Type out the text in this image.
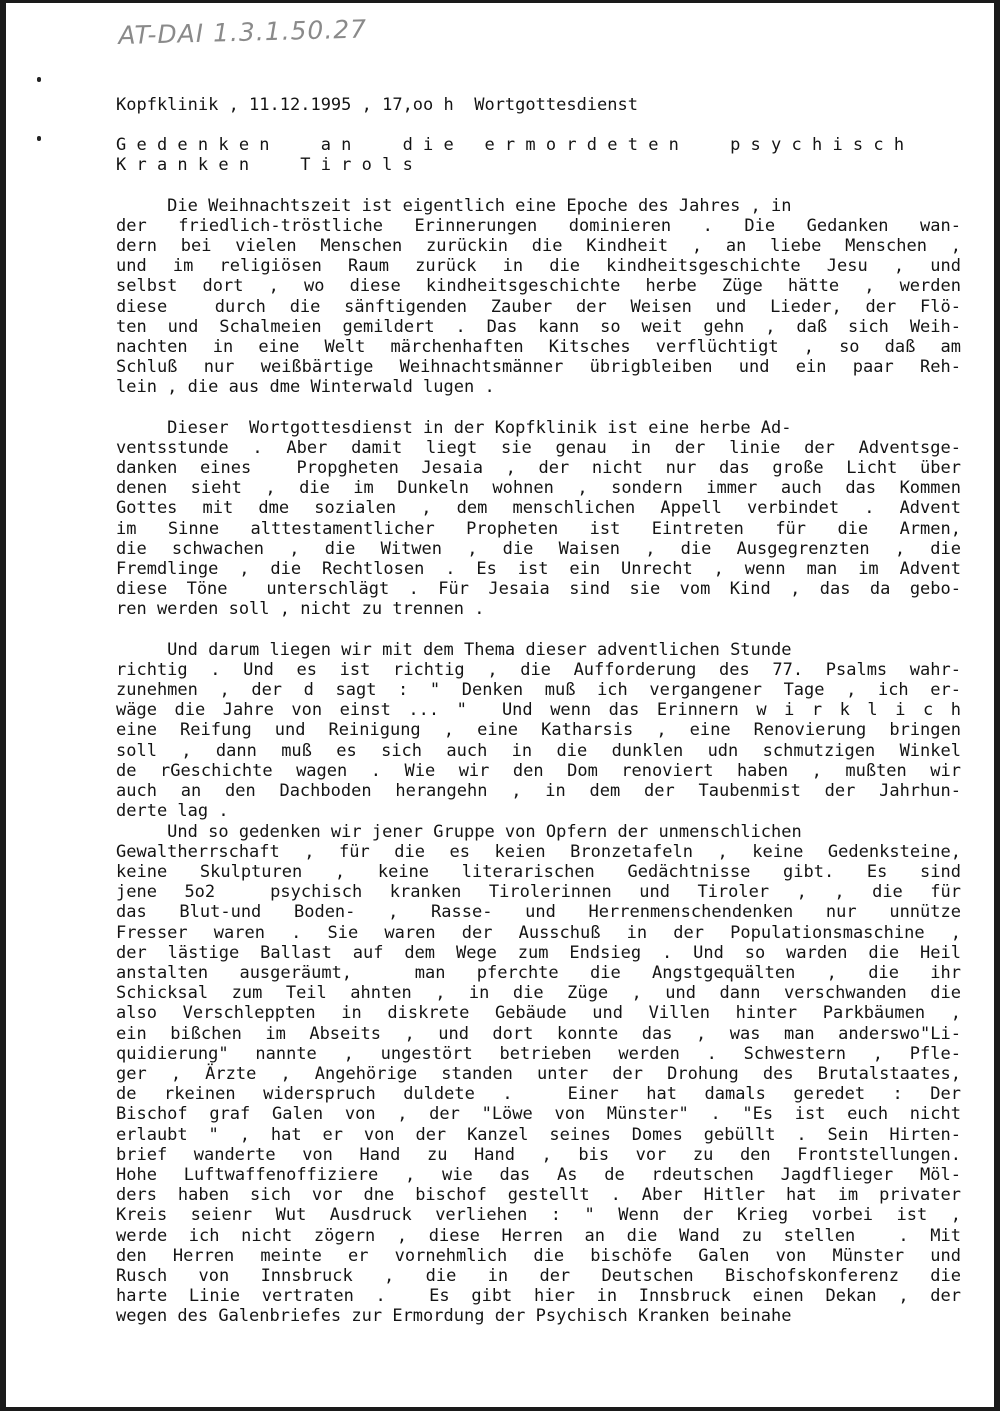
AT-DAI 1.3.1.50.27

Kopfklinik , 11.12.1995 , 17,oo h  Wortgottesdienst

G e d e n k e n     a n     d i e   e r m o r d e t e n     p s y c h i s c h

K r a n k e n     T i r o l s

Die Weihnachtszeit ist eigentlich eine Epoche des Jahres , in
der friedlich-tröstliche Erinnerungen dominieren . Die Gedanken wan-
dern bei vielen Menschen zurückin die Kindheit , an liebe Menschen ,
und im religiösen Raum zurück in die kindheitsgeschichte Jesu , und
selbst dort , wo diese kindheitsgeschichte herbe Züge hätte , werden
diese  durch die sänftigenden Zauber der Weisen und Lieder, der Flö-
ten und Schalmeien gemildert . Das kann so weit gehn , daß sich Weih-
nachten in eine Welt märchenhaften Kitsches verflüchtigt , so daß am
Schluß nur weißbärtige Weihnachtsmänner übrigbleiben und ein paar Reh-
lein , die aus dme Winterwald lugen .
Dieser  Wortgottesdienst in der Kopfklinik ist eine herbe Ad-
ventsstunde . Aber damit liegt sie genau in der linie der Adventsge-
danken eines  Propgheten Jesaia , der nicht nur das große Licht über
denen sieht , die im Dunkeln wohnen , sondern immer auch das Kommen
Gottes mit dme sozialen , dem menschlichen Appell verbindet . Advent
im Sinne alttestamentlicher Propheten ist Eintreten für die Armen,
die schwachen , die Witwen , die Waisen , die Ausgegrenzten , die
Fremdlinge , die Rechtlosen . Es ist ein Unrecht , wenn man im Advent
diese Töne  unterschlägt . Für Jesaia sind sie vom Kind , das da gebo-
ren werden soll , nicht zu trennen .
Und darum liegen wir mit dem Thema dieser adventlichen Stunde
richtig . Und es ist richtig , die Aufforderung des 77. Psalms wahr-
zunehmen , der d sagt : " Denken muß ich vergangener Tage , ich er-
wäge die Jahre von einst ... "  Und wenn das Erinnern w i r k l i c h
eine Reifung und Reinigung , eine Katharsis , eine Renovierung bringen
soll , dann muß es sich auch in die dunklen udn schmutzigen Winkel
de rGeschichte wagen . Wie wir den Dom renoviert haben , mußten wir
auch an den Dachboden herangehn , in dem der Taubenmist der Jahrhun-
derte lag .
Und so gedenken wir jener Gruppe von Opfern der unmenschlichen
Gewaltherrschaft , für die es keien Bronzetafeln , keine Gedenksteine,
keine Skulpturen , keine literarischen Gedächtnisse gibt. Es sind
jene 5o2  psychisch kranken Tirolerinnen und Tiroler , , die für
das Blut-und Boden- , Rasse- und Herrenmenschendenken nur unnütze
Fresser waren . Sie waren der Ausschuß in der Populationsmaschine ,
der lästige Ballast auf dem Wege zum Endsieg . Und so warden die Heil
anstalten ausgeräumt,  man pferchte die Angstgequälten , die ihr
Schicksal zum Teil ahnten , in die Züge , und dann verschwanden die
also Verschleppten in diskrete Gebäude und Villen hinter Parkbäumen ,
ein bißchen im Abseits , und dort konnte das , was man anderswo"Li-
quidierung" nannte , ungestört betrieben werden . Schwestern , Pfle-
ger , Ärzte , Angehörige standen unter der Drohung des Brutalstaates,
de rkeinen widerspruch duldete .  Einer hat damals geredet : Der
Bischof graf Galen von , der "Löwe von Münster" . "Es ist euch nicht
erlaubt " , hat er von der Kanzel seines Domes gebüllt . Sein Hirten-
brief wanderte von Hand zu Hand , bis vor zu den Frontstellungen.
Hohe Luftwaffenoffiziere , wie das As de rdeutschen Jagdflieger Möl-
ders haben sich vor dne bischof gestellt . Aber Hitler hat im privater
Kreis seienr Wut Ausdruck verliehen : " Wenn der Krieg vorbei ist ,
werde ich nicht zögern , diese Herren an die Wand zu stellen  . Mit
den Herren meinte er vornehmlich die bischöfe Galen von Münster und
Rusch von Innsbruck , die in der Deutschen Bischofskonferenz die
harte Linie vertraten .  Es gibt hier in Innsbruck einen Dekan , der
wegen des Galenbriefes zur Ermordung der Psychisch Kranken beinahe
